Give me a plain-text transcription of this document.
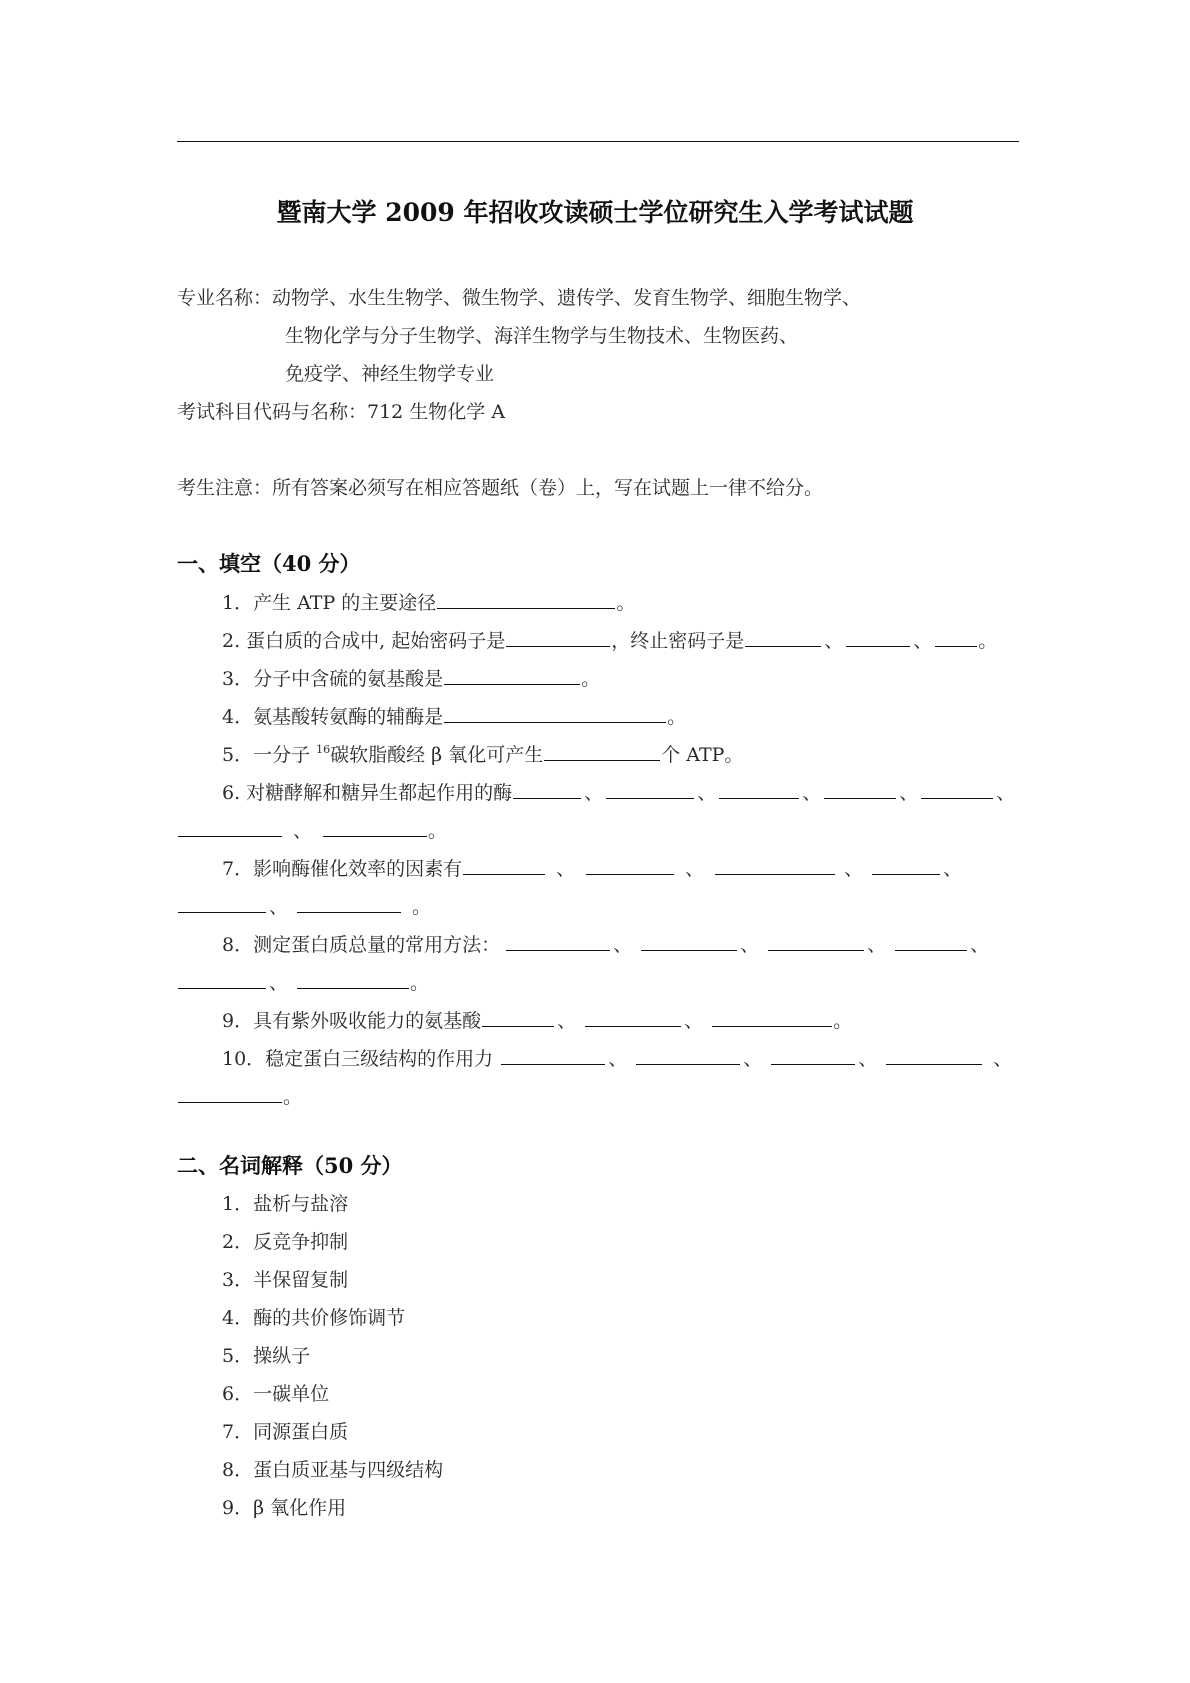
暨南大学 2009 年招收攻读硕士学位研究生入学考试试题
专业名称：动物学、水生生物学、微生物学、遗传学、发育生物学、细胞生物学、
生物化学与分子生物学、海洋生物学与生物技术、生物医药、
免疫学、神经生物学专业
考试科目代码与名称：712 生物化学 A
考生注意：所有答案必须写在相应答题纸（卷）上，写在试题上一律不给分。
一、填空（40 分）
1．产生 ATP 的主要途径	。
2. 蛋白质的合成中, 起始密码子是	，终止密码子是	、	、 。
3．分子中含硫的氨基酸是	。
4．氨基酸转氨酶的辅酶是	。
5．一分子 $^{16}$碳软脂酸经 β 氧化可产生	个 ATP。
6. 对糖酵解和糖异生都起作用的酶	、	、	、	、	、
、	。
7．影响酶催化效率的因素有	、	、	、	、
、	。
8．测定蛋白质总量的常用方法：	、	、	、	、
、	。
9．具有紫外吸收能力的氨基酸	、	、	。
10．稳定蛋白三级结构的作用力	、	、	、	、
。
二、名词解释（50 分）
1．盐析与盐溶
2．反竞争抑制
3．半保留复制
4．酶的共价修饰调节
5．操纵子
6．一碳单位
7．同源蛋白质
8．蛋白质亚基与四级结构
9．β 氧化作用
